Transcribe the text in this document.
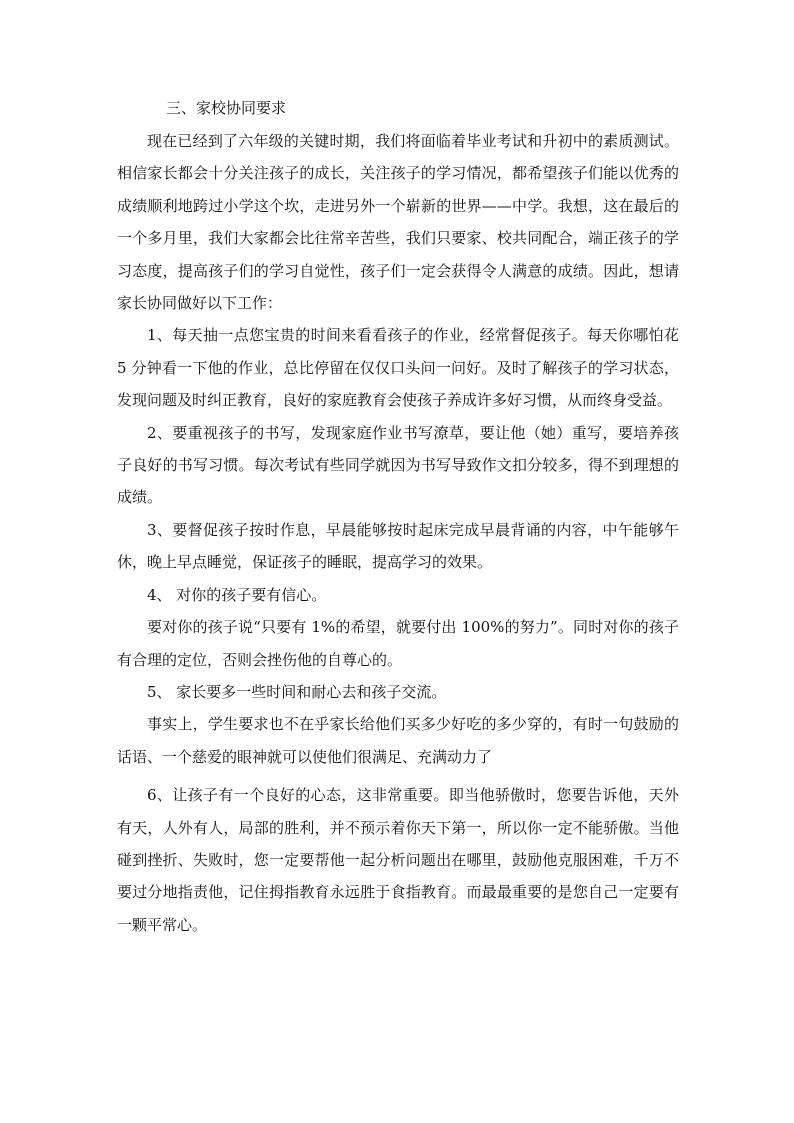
三、家校协同要求

现在已经到了六年级的关键时期，我们将面临着毕业考试和升初中的素质测试。相信家长都会十分关注孩子的成长，关注孩子的学习情况，都希望孩子们能以优秀的成绩顺利地跨过小学这个坎，走进另外一个崭新的世界——中学。我想，这在最后的一个多月里，我们大家都会比往常辛苦些，我们只要家、校共同配合，端正孩子的学习态度，提高孩子们的学习自觉性，孩子们一定会获得令人满意的成绩。因此，想请家长协同做好以下工作：

1、每天抽一点您宝贵的时间来看看孩子的作业，经常督促孩子。每天你哪怕花 5 分钟看一下他的作业，总比停留在仅仅口头问一问好。及时了解孩子的学习状态，发现问题及时纠正教育，良好的家庭教育会使孩子养成许多好习惯，从而终身受益。

2、要重视孩子的书写，发现家庭作业书写潦草，要让他（她）重写，要培养孩子良好的书写习惯。每次考试有些同学就因为书写导致作文扣分较多，得不到理想的成绩。

3、要督促孩子按时作息，早晨能够按时起床完成早晨背诵的内容，中午能够午休，晚上早点睡觉，保证孩子的睡眠，提高学习的效果。

4、 对你的孩子要有信心。

要对你的孩子说“只要有 1%的希望，就要付出 100%的努力”。同时对你的孩子有合理的定位，否则会挫伤他的自尊心的。

5、 家长要多一些时间和耐心去和孩子交流。

事实上，学生要求也不在乎家长给他们买多少好吃的多少穿的，有时一句鼓励的话语、一个慈爱的眼神就可以使他们很满足、充满动力了

6、让孩子有一个良好的心态，这非常重要。即当他骄傲时，您要告诉他，天外有天，人外有人，局部的胜利，并不预示着你天下第一，所以你一定不能骄傲。当他碰到挫折、失败时，您一定要帮他一起分析问题出在哪里，鼓励他克服困难，千万不要过分地指责他，记住拇指教育永远胜于食指教育。而最最重要的是您自己一定要有一颗平常心。
